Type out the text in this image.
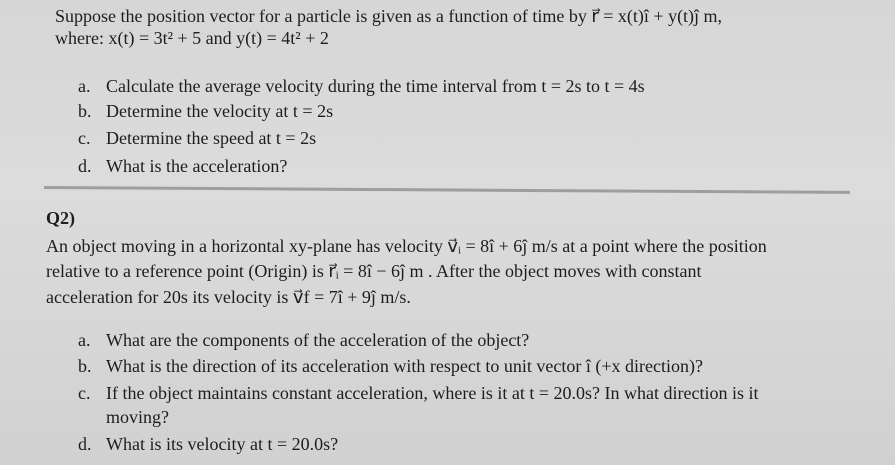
Suppose the position vector for a particle is given as a function of time by r⃗ = x(t)î + y(t)ĵ m,
where: x(t) = 3t² + 5 and y(t) = 4t² + 2
a. Calculate the average velocity during the time interval from t = 2s to t = 4s
b. Determine the velocity at t = 2s
c. Determine the speed at t = 2s
d. What is the acceleration?
Q2)
An object moving in a horizontal xy-plane has velocity v⃗ᵢ = 8î + 6ĵ m/s at a point where the position
relative to a reference point (Origin) is r⃗ᵢ = 8î − 6ĵ m . After the object moves with constant
acceleration for 20s its velocity is v⃗f = 7î + 9ĵ m/s.
a. What are the components of the acceleration of the object?
b. What is the direction of its acceleration with respect to unit vector î (+x direction)?
c. If the object maintains constant acceleration, where is it at t = 20.0s? In what direction is it
moving?
d. What is its velocity at t = 20.0s?
